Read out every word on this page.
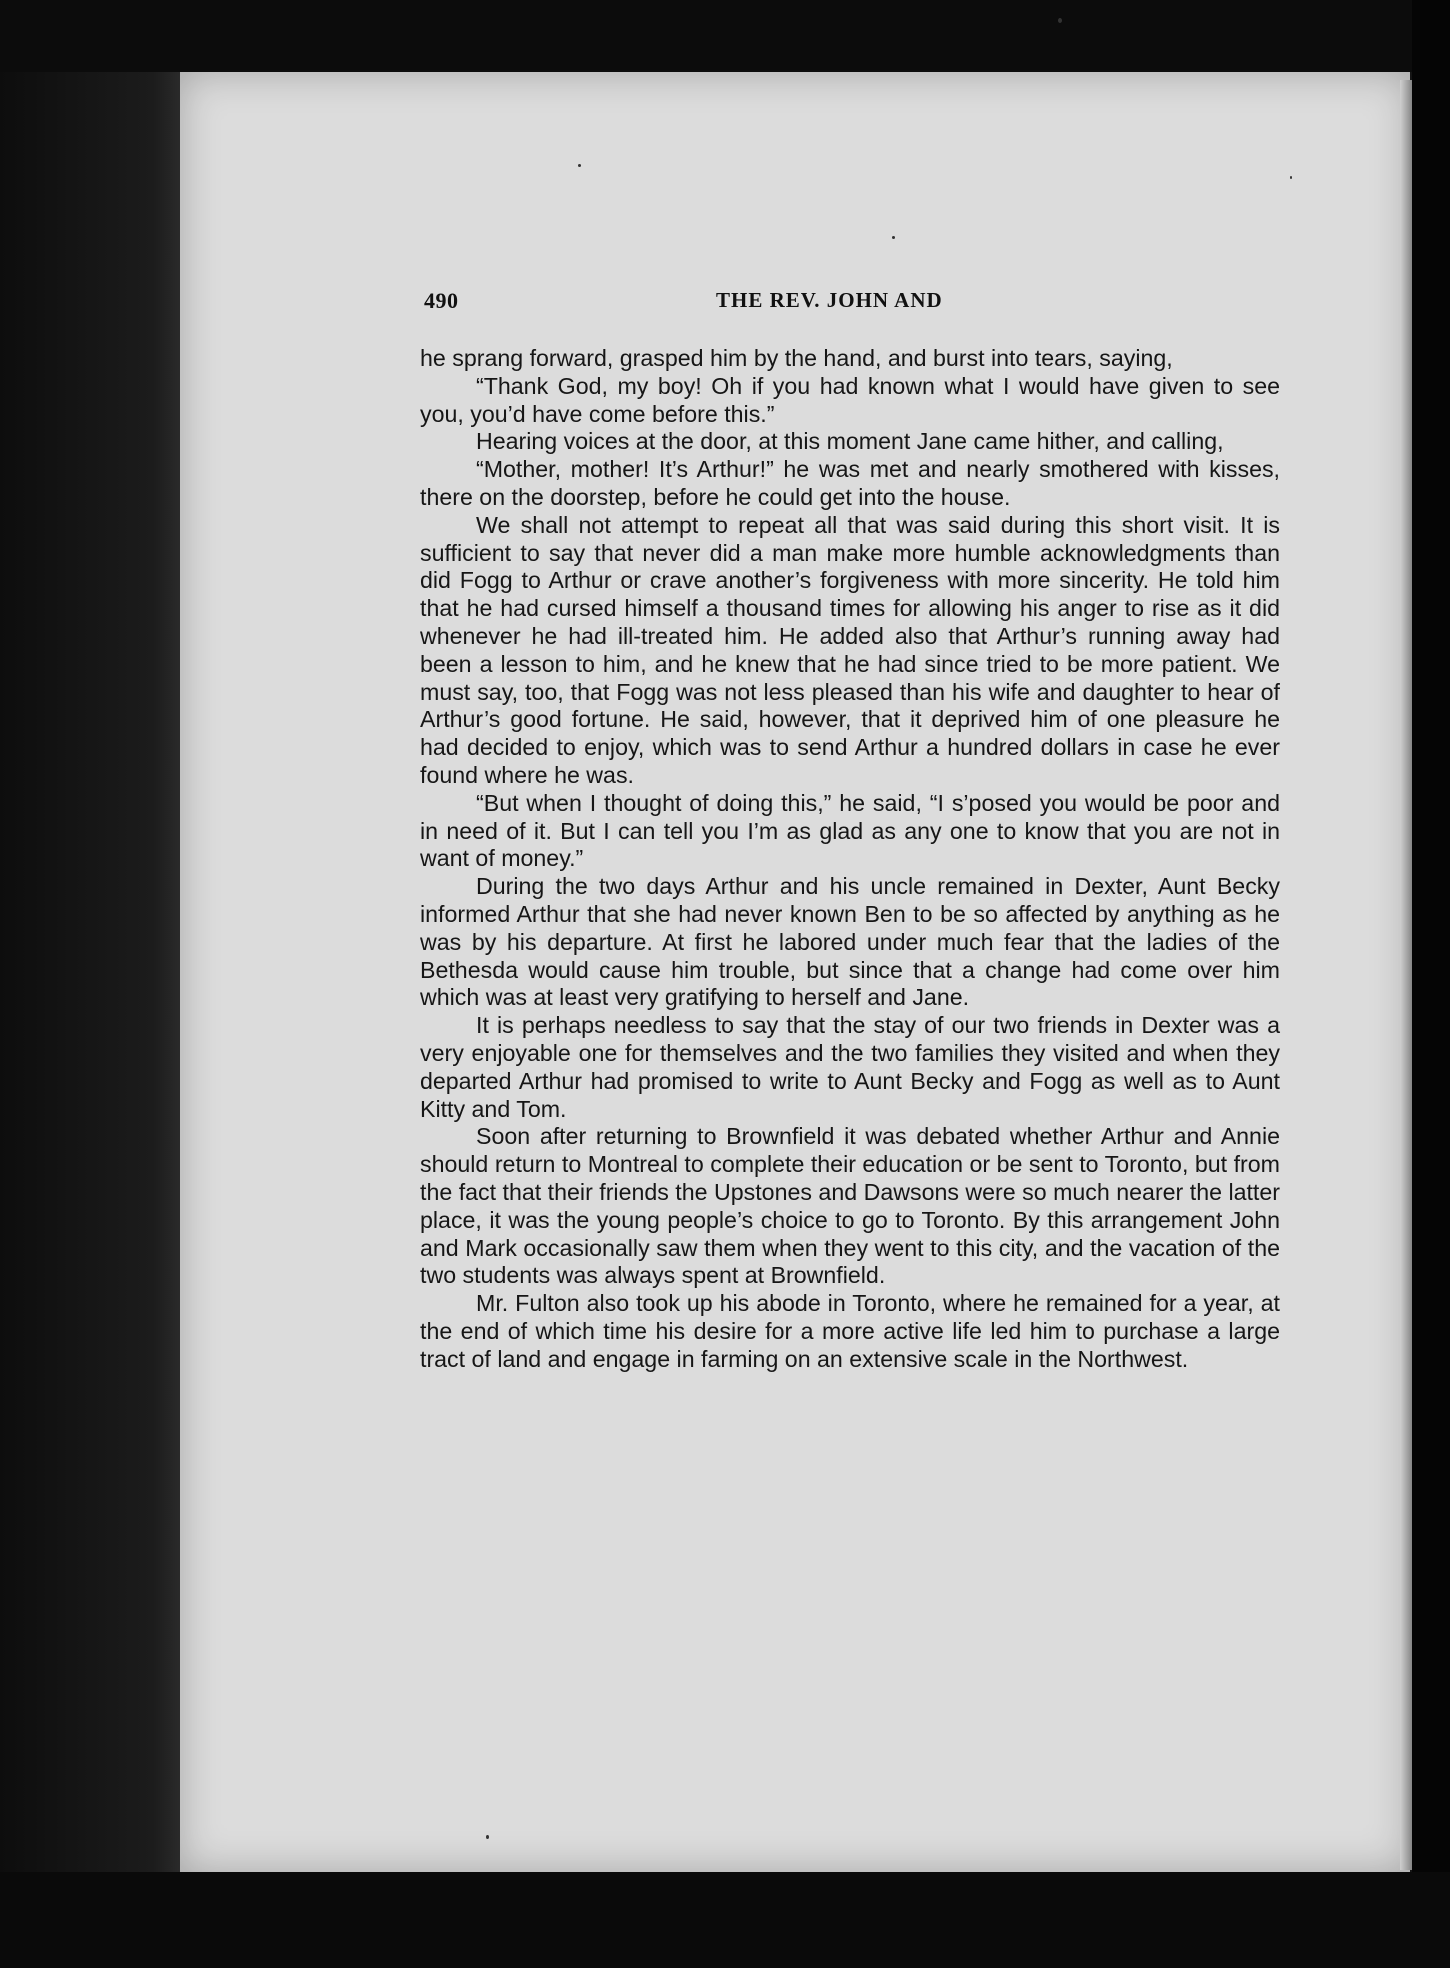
490	THE REV. JOHN AND

he sprang forward, grasped him by the hand, and burst into tears, saying,

“Thank God, my boy! Oh if you had known what I would have given to see you, you’d have come before this.”

Hearing voices at the door, at this moment Jane came hither, and calling,

“Mother, mother! It’s Arthur!” he was met and nearly smothered with kisses, there on the doorstep, before he could get into the house.

We shall not attempt to repeat all that was said during this short visit. It is sufficient to say that never did a man make more humble acknowledgments than did Fogg to Arthur or crave another’s forgiveness with more sincerity. He told him that he had cursed himself a thousand times for allowing his anger to rise as it did whenever he had ill-treated him. He added also that Arthur’s running away had been a lesson to him, and he knew that he had since tried to be more patient. We must say, too, that Fogg was not less pleased than his wife and daughter to hear of Arthur’s good fortune. He said, however, that it deprived him of one pleasure he had decided to enjoy, which was to send Arthur a hundred dollars in case he ever found where he was.

“But when I thought of doing this,” he said, “I s’posed you would be poor and in need of it. But I can tell you I’m as glad as any one to know that you are not in want of money.”

During the two days Arthur and his uncle remained in Dexter, Aunt Becky informed Arthur that she had never known Ben to be so affected by anything as he was by his departure. At first he labored under much fear that the ladies of the Bethesda would cause him trouble, but since that a change had come over him which was at least very gratifying to herself and Jane.

It is perhaps needless to say that the stay of our two friends in Dexter was a very enjoyable one for themselves and the two families they visited and when they departed Arthur had promised to write to Aunt Becky and Fogg as well as to Aunt Kitty and Tom.

Soon after returning to Brownfield it was debated whether Arthur and Annie should return to Montreal to complete their education or be sent to Toronto, but from the fact that their friends the Upstones and Dawsons were so much nearer the latter place, it was the young people’s choice to go to Toronto. By this arrangement John and Mark occasionally saw them when they went to this city, and the vacation of the two students was always spent at Brownfield.

Mr. Fulton also took up his abode in Toronto, where he remained for a year, at the end of which time his desire for a more active life led him to purchase a large tract of land and engage in farming on an extensive scale in the Northwest.
